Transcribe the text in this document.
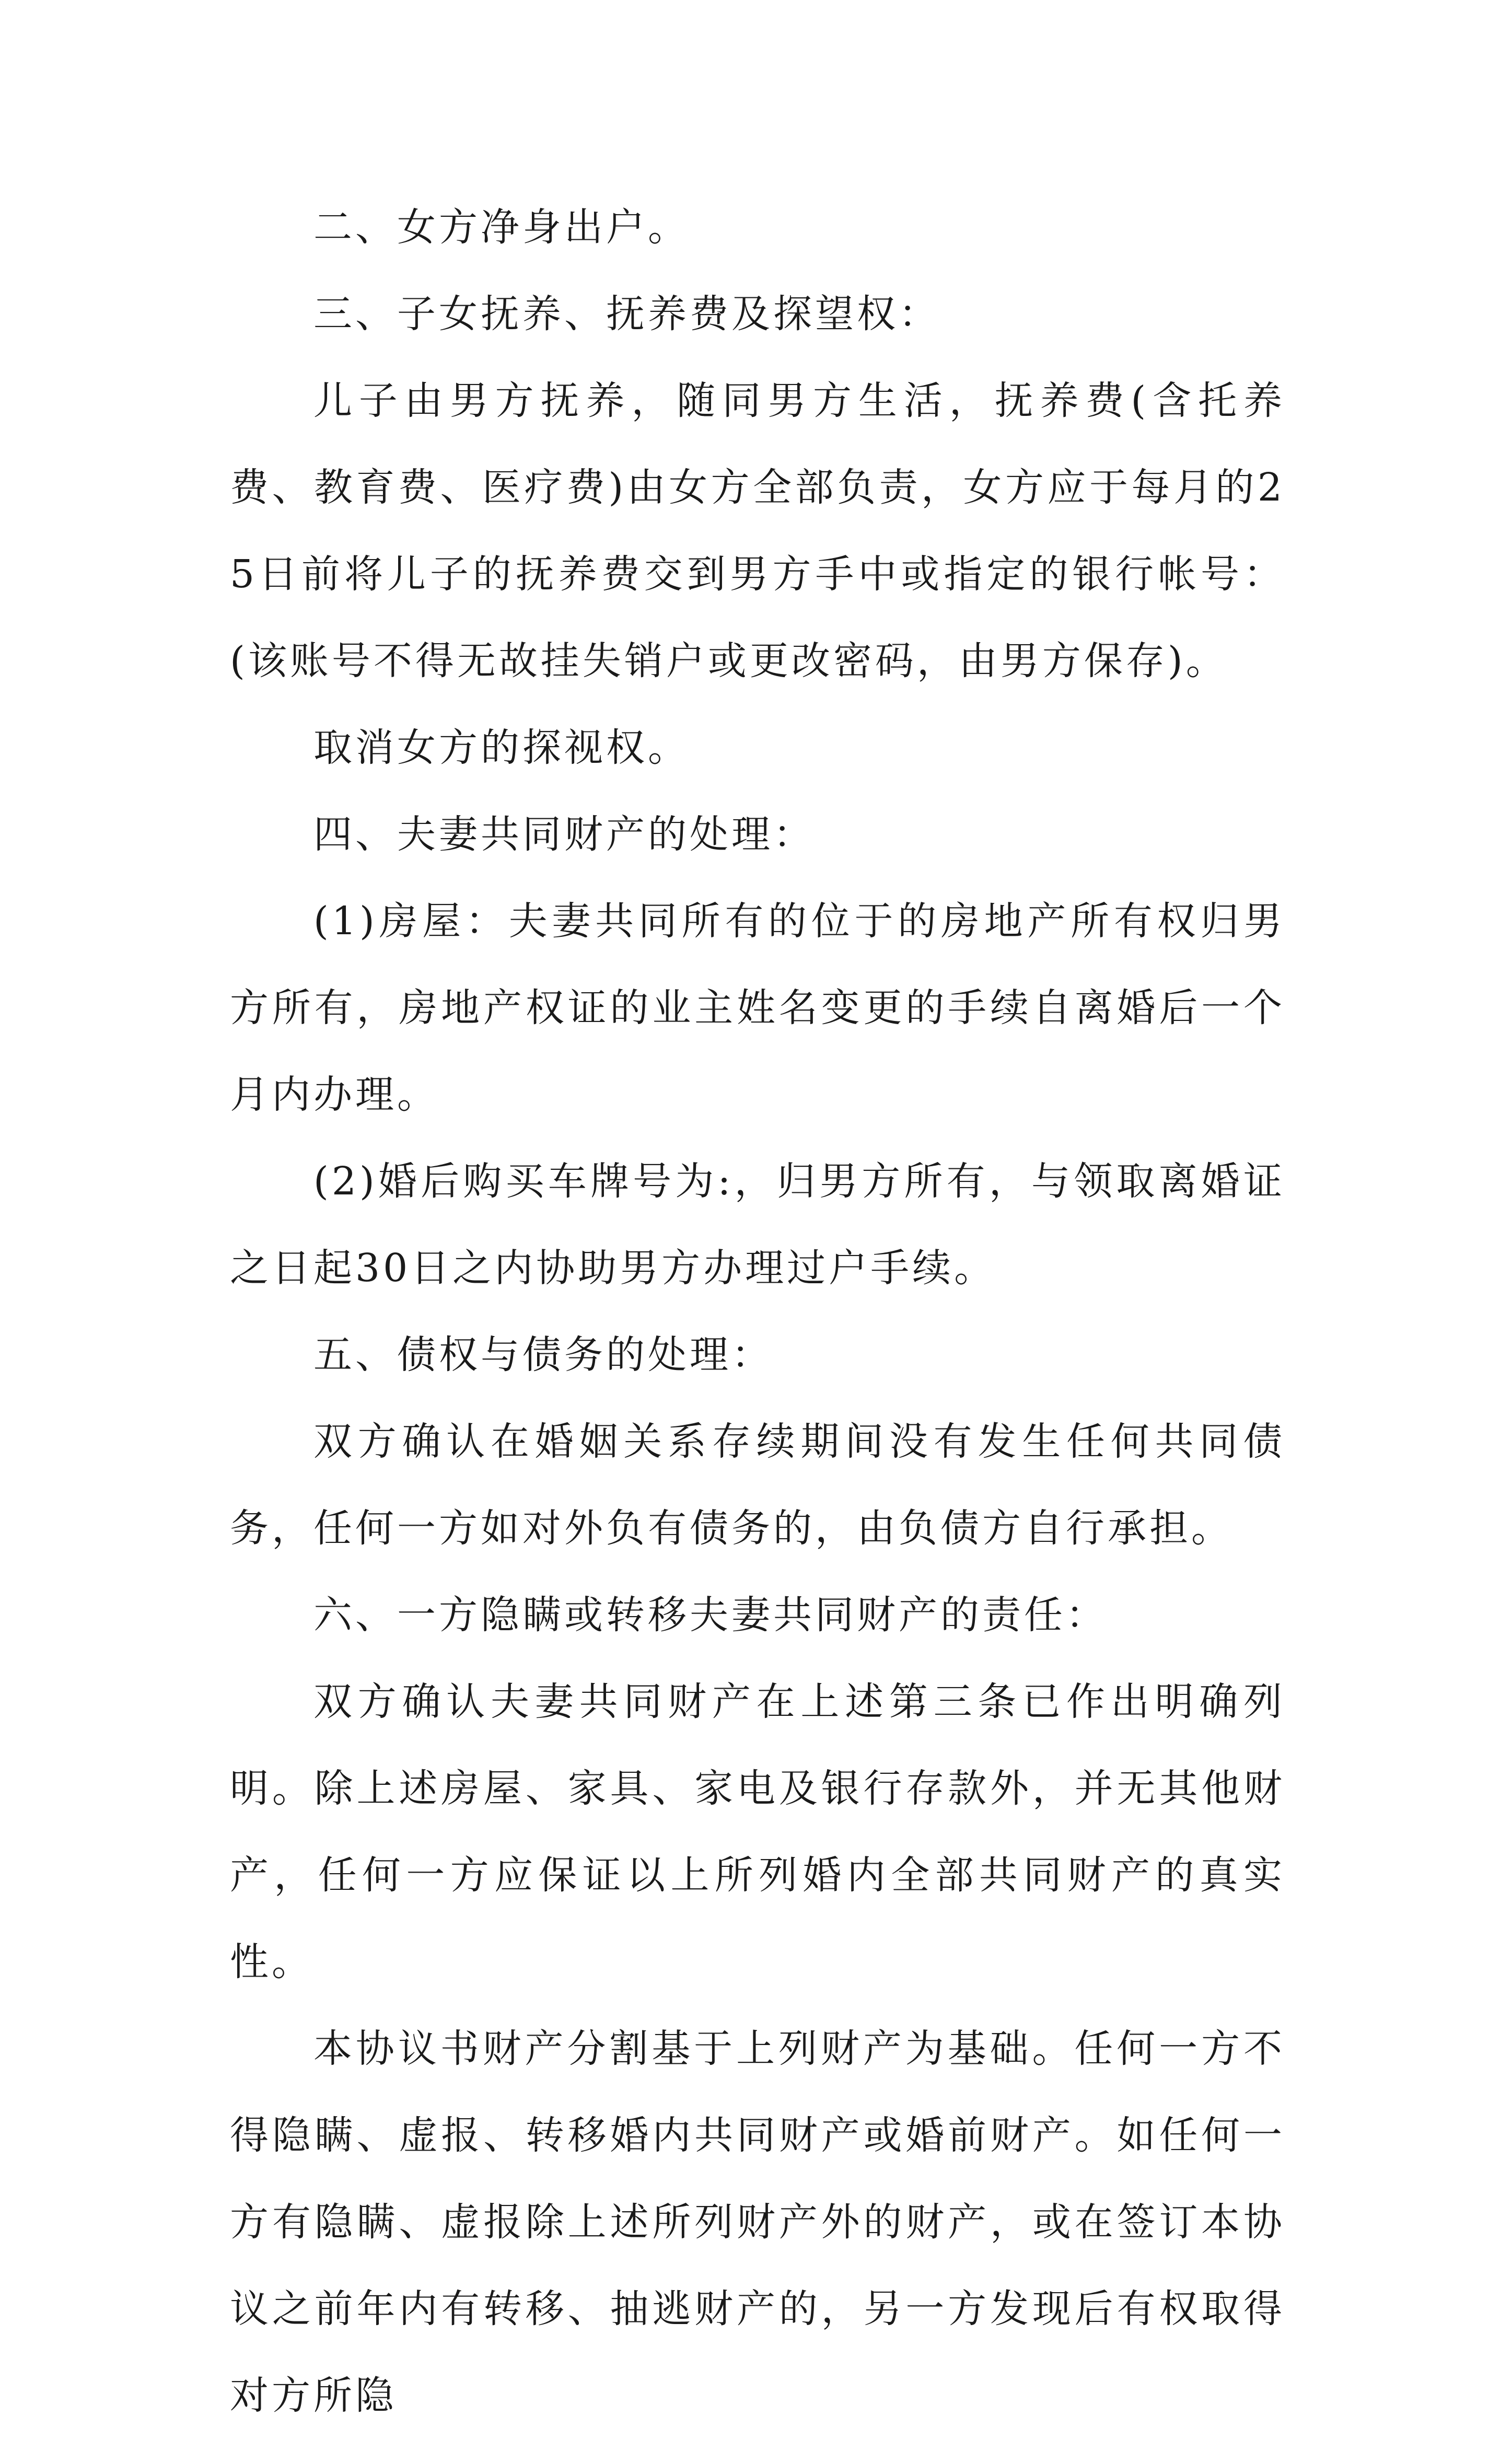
二、女方净身出户。

三、子女抚养、抚养费及探望权：

儿子由男方抚养，随同男方生活，抚养费(含托养费、教育费、医疗费)由女方全部负责，女方应于每月的25日前将儿子的抚养费交到男方手中或指定的银行帐号：(该账号不得无故挂失销户或更改密码，由男方保存)。

取消女方的探视权。

四、夫妻共同财产的处理：

(1)房屋：夫妻共同所有的位于的房地产所有权归男方所有，房地产权证的业主姓名变更的手续自离婚后一个月内办理。

(2)婚后购买车牌号为:，归男方所有，与领取离婚证之日起30日之内协助男方办理过户手续。

五、债权与债务的处理：

双方确认在婚姻关系存续期间没有发生任何共同债务，任何一方如对外负有债务的，由负债方自行承担。

六、一方隐瞒或转移夫妻共同财产的责任：

双方确认夫妻共同财产在上述第三条已作出明确列明。除上述房屋、家具、家电及银行存款外，并无其他财产，任何一方应保证以上所列婚内全部共同财产的真实性。

本协议书财产分割基于上列财产为基础。任何一方不得隐瞒、虚报、转移婚内共同财产或婚前财产。如任何一方有隐瞒、虚报除上述所列财产外的财产，或在签订本协议之前年内有转移、抽逃财产的，另一方发现后有权取得对方所隐
